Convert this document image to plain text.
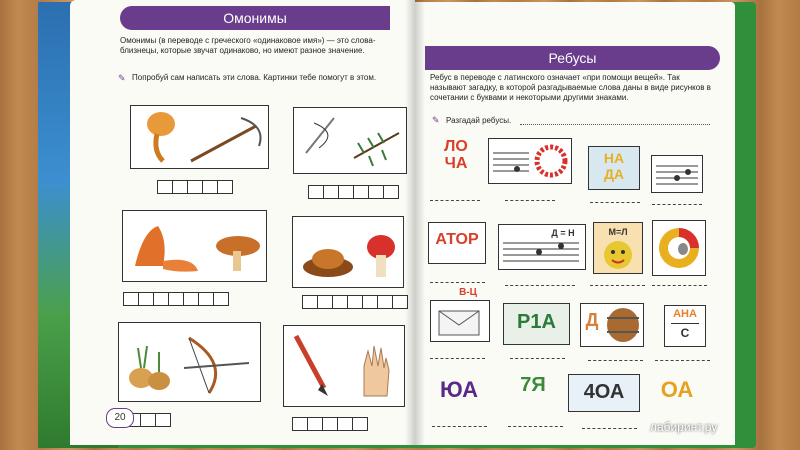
Омонимы
Омонимы (в переводе с греческого «одинаковое имя») — это слова-близнецы, которые звучат одинаково, но имеют разное значение.
✎ Попробуй сам написать эти слова. Картинки тебе помогут в этом.
20
Ребусы
Ребус в переводе с латинского означает «при помощи вещей». Так называют загадку, в которой разгадываемые слова даны в виде рисунков в сочетании с буквами и некоторыми другими знаками.
✎ Разгадай ребусы.
ЛО
ЧА	НА
ДА
АТОР	Д = Н	М=Л
В-Ц
Р1А	Д	АНА
С
ЮА	7Я	4ОА	ОА
лабиринт.ру
